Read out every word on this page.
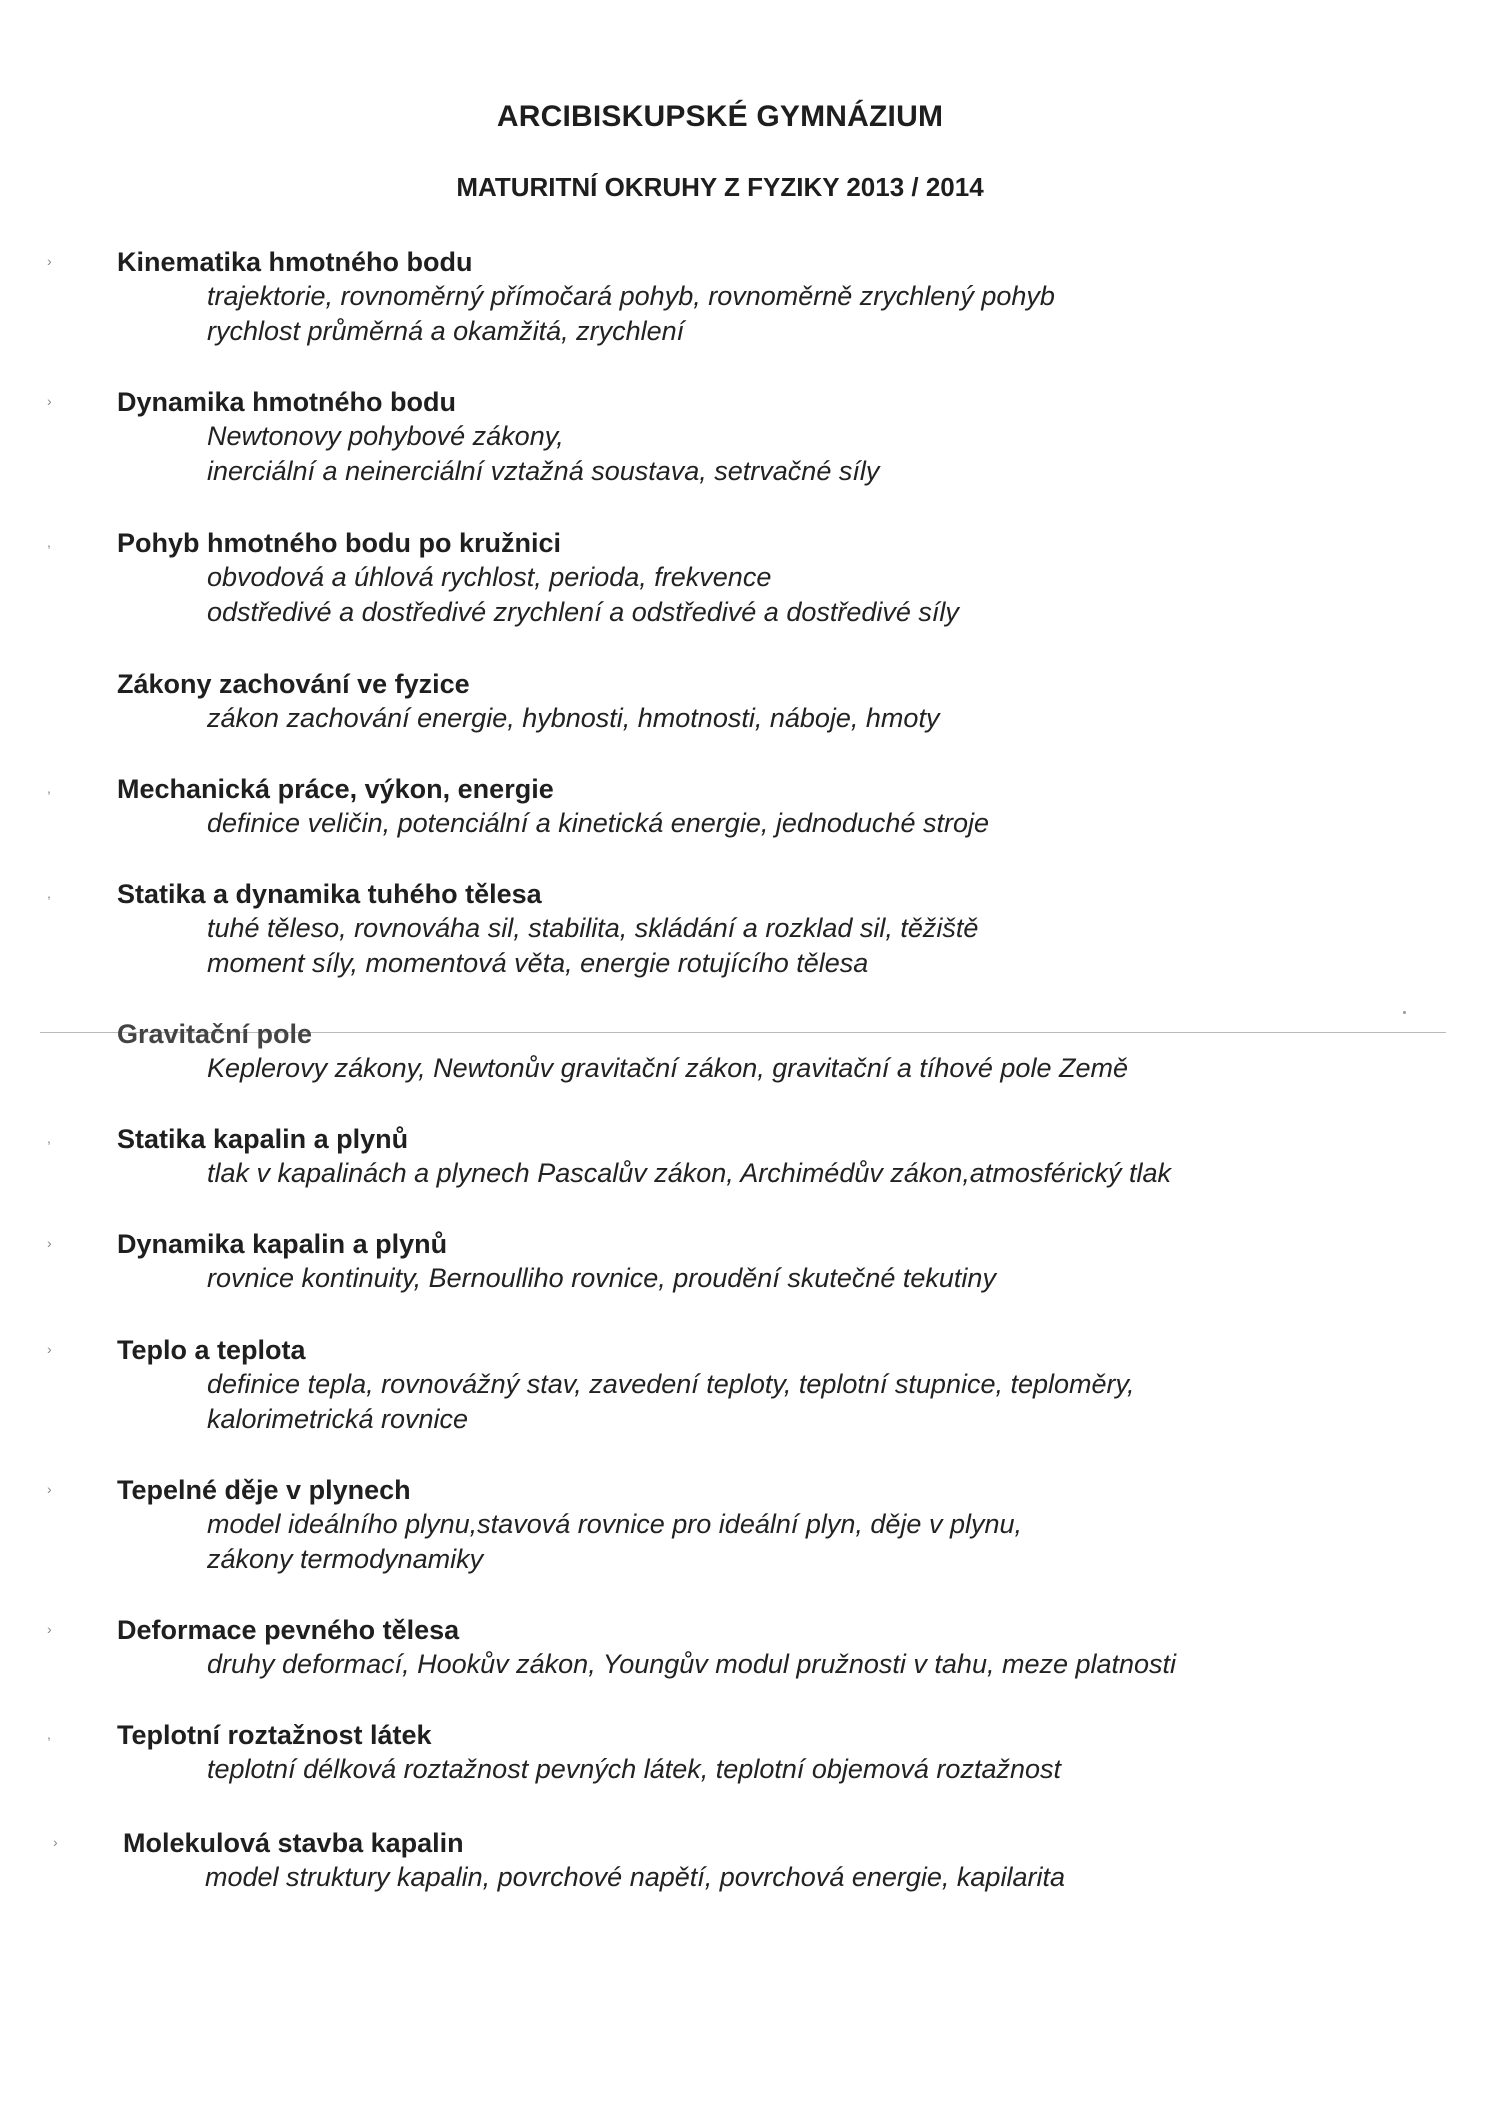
ARCIBISKUPSKÉ GYMNÁZIUM
MATURITNÍ OKRUHY Z FYZIKY 2013 / 2014
› Kinematika hmotného bodu
trajektorie, rovnoměrný přímočará pohyb, rovnoměrně zrychlený pohyb
rychlost průměrná a okamžitá, zrychlení
› Dynamika hmotného bodu
Newtonovy pohybové zákony,
inerciální a neinerciální vztažná soustava, setrvačné síly
, Pohyb hmotného bodu po kružnici
obvodová a úhlová rychlost, perioda, frekvence
odstředivé a dostředivé zrychlení a odstředivé a dostředivé síly
Zákony zachování ve fyzice
zákon zachování energie, hybnosti, hmotnosti, náboje, hmoty
, Mechanická práce, výkon, energie
definice veličin, potenciální a kinetická energie, jednoduché stroje
, Statika a dynamika tuhého tělesa
tuhé těleso, rovnováha sil, stabilita, skládání a rozklad sil, těžiště
moment síly, momentová věta, energie rotujícího tělesa
Gravitační pole
Keplerovy zákony, Newtonův gravitační zákon, gravitační a tíhové pole Země
, Statika kapalin a plynů
tlak v kapalinách a plynech Pascalův zákon, Archimédův zákon,atmosférický tlak
› Dynamika kapalin a plynů
rovnice kontinuity, Bernoulliho rovnice, proudění skutečné tekutiny
› Teplo a teplota
definice tepla, rovnovážný stav, zavedení teploty, teplotní stupnice, teploměry,
kalorimetrická rovnice
› Tepelné děje v plynech
model ideálního plynu,stavová rovnice pro ideální plyn, děje v plynu,
zákony termodynamiky
› Deformace pevného tělesa
druhy deformací, Hookův zákon, Youngův modul pružnosti v tahu, meze platnosti
, Teplotní roztažnost látek
teplotní délková roztažnost pevných látek, teplotní objemová roztažnost
› Molekulová stavba kapalin
model struktury kapalin, povrchové napětí, povrchová energie, kapilarita
